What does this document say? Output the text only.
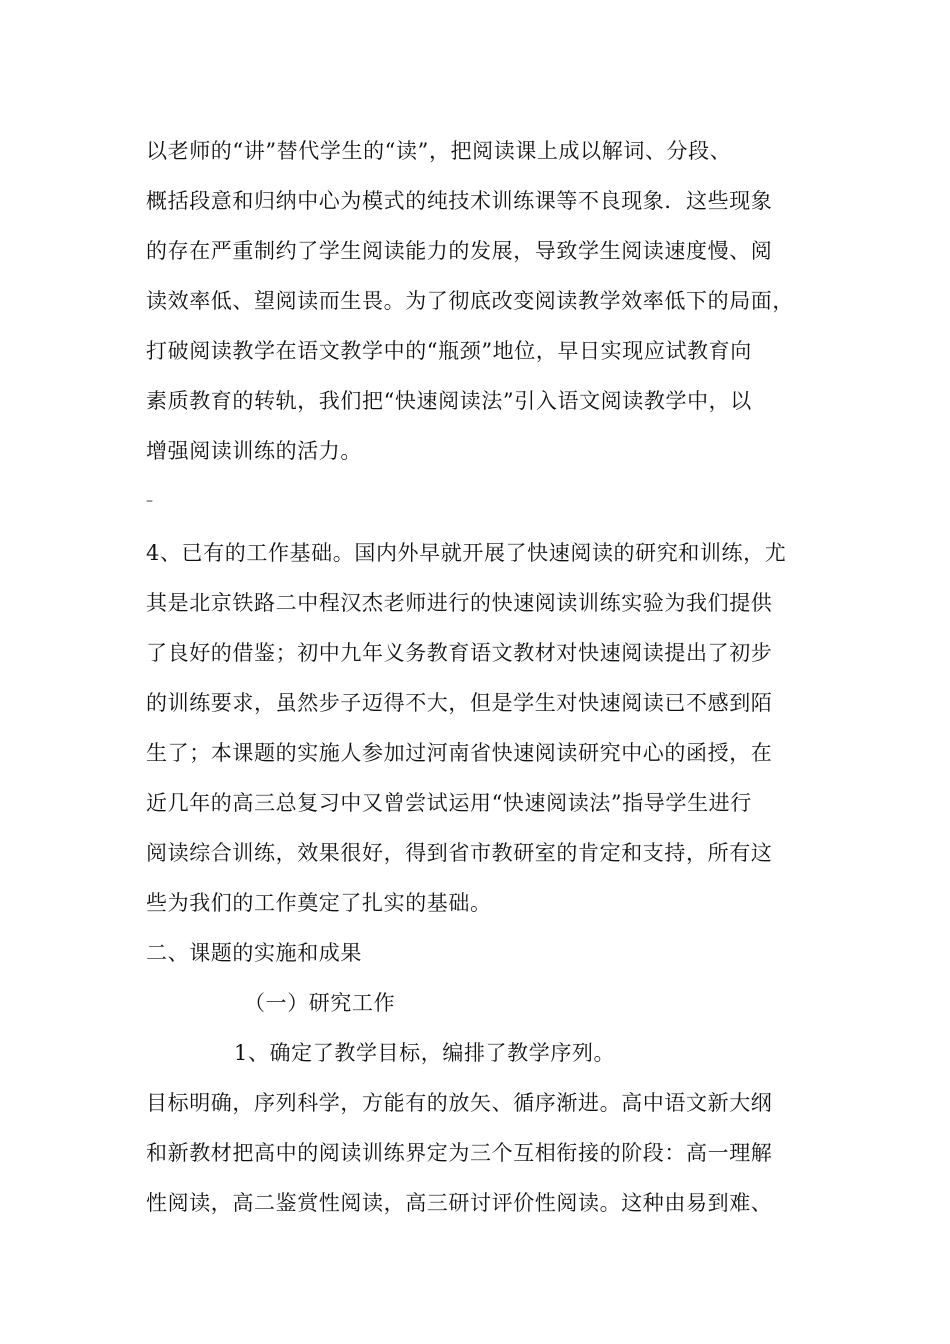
以老师的“讲”替代学生的“读”，把阅读课上成以解词、分段、
概括段意和归纳中心为模式的纯技术训练课等不良现象．这些现象
的存在严重制约了学生阅读能力的发展，导致学生阅读速度慢、阅
读效率低、望阅读而生畏。为了彻底改变阅读教学效率低下的局面，
打破阅读教学在语文教学中的“瓶颈”地位，早日实现应试教育向
素质教育的转轨，我们把“快速阅读法”引入语文阅读教学中，以
增强阅读训练的活力。
–
4、已有的工作基础。国内外早就开展了快速阅读的研究和训练，尤
其是北京铁路二中程汉杰老师进行的快速阅读训练实验为我们提供
了良好的借鉴；初中九年义务教育语文教材对快速阅读提出了初步
的训练要求，虽然步子迈得不大，但是学生对快速阅读已不感到陌
生了；本课题的实施人参加过河南省快速阅读研究中心的函授，在
近几年的高三总复习中又曾尝试运用“快速阅读法”指导学生进行
阅读综合训练，效果很好，得到省市教研室的肯定和支持，所有这
些为我们的工作奠定了扎实的基础。
二、课题的实施和成果
（一）研究工作
1、确定了教学目标，编排了教学序列。
目标明确，序列科学，方能有的放矢、循序渐进。高中语文新大纲
和新教材把高中的阅读训练界定为三个互相衔接的阶段：高一理解
性阅读，高二鉴赏性阅读，高三研讨评价性阅读。这种由易到难、
